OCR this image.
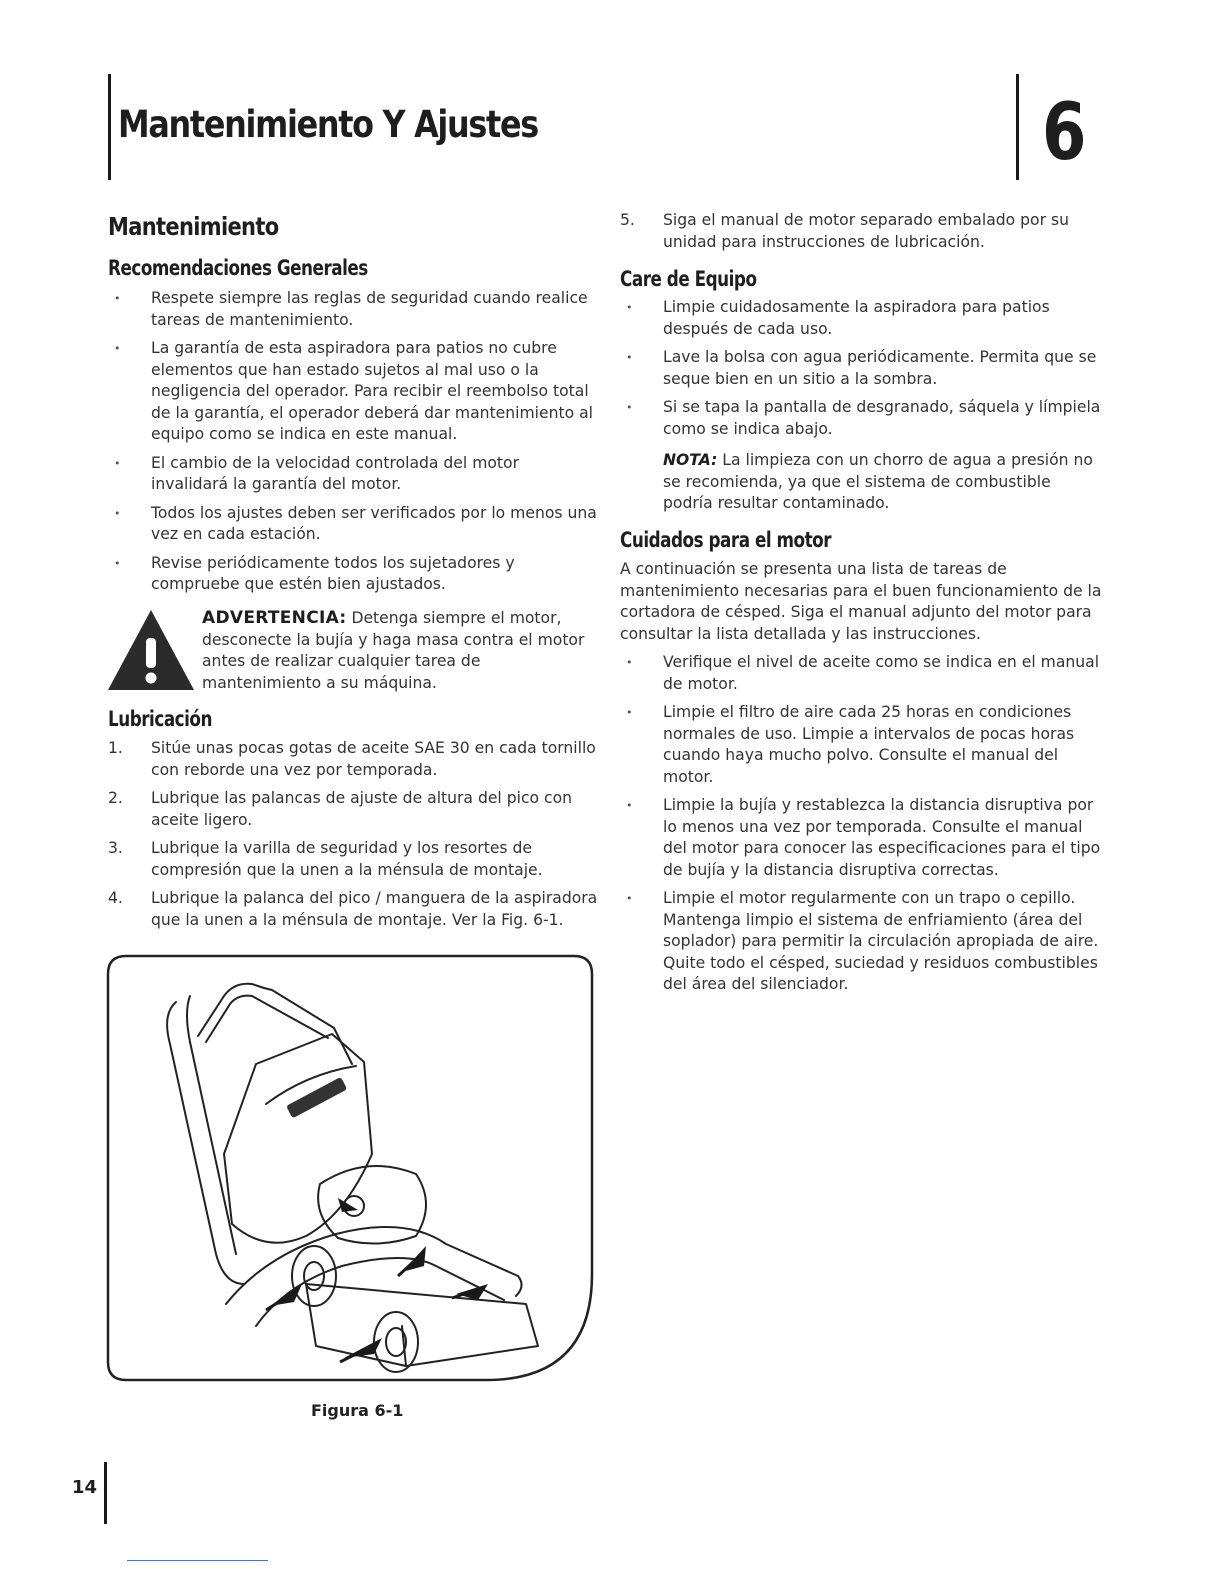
Mantenimiento Y Ajustes	6
Mantenimiento
Recomendaciones Generales
• Respete siempre las reglas de seguridad cuando realice tareas de mantenimiento.
• La garantía de esta aspiradora para patios no cubre elementos que han estado sujetos al mal uso o la negligencia del operador. Para recibir el reembolso total de la garantía, el operador deberá dar mantenimiento al equipo como se indica en este manual.
• El cambio de la velocidad controlada del motor invalidará la garantía del motor.
• Todos los ajustes deben ser verificados por lo menos una vez en cada estación.
• Revise periódicamente todos los sujetadores y compruebe que estén bien ajustados.
ADVERTENCIA: Detenga siempre el motor, desconecte la bujía y haga masa contra el motor antes de realizar cualquier tarea de mantenimiento a su máquina.
Lubricación
1. Sitúe unas pocas gotas de aceite SAE 30 en cada tornillo con reborde una vez por temporada.
2. Lubrique las palancas de ajuste de altura del pico con aceite ligero.
3. Lubrique la varilla de seguridad y los resortes de compresión que la unen a la ménsula de montaje.
4. Lubrique la palanca del pico / manguera de la aspiradora que la unen a la ménsula de montaje. Ver la Fig. 6-1.
Figura 6-1
5. Siga el manual de motor separado embalado por su unidad para instrucciones de lubricación.
Care de Equipo
• Limpie cuidadosamente la aspiradora para patios después de cada uso.
• Lave la bolsa con agua periódicamente. Permita que se seque bien en un sitio a la sombra.
• Si se tapa la pantalla de desgranado, sáquela y límpiela como se indica abajo.
NOTA: La limpieza con un chorro de agua a presión no se recomienda, ya que el sistema de combustible podría resultar contaminado.
Cuidados para el motor

A continuación se presenta una lista de tareas de mantenimiento necesarias para el buen funcionamiento de la cortadora de césped. Siga el manual adjunto del motor para consultar la lista detallada y las instrucciones.

• Verifique el nivel de aceite como se indica en el manual de motor.
• Limpie el filtro de aire cada 25 horas en condiciones normales de uso. Limpie a intervalos de pocas horas cuando haya mucho polvo. Consulte el manual del motor.
• Limpie la bujía y restablezca la distancia disruptiva por lo menos una vez por temporada. Consulte el manual del motor para conocer las especificaciones para el tipo de bujía y la distancia disruptiva correctas.
• Limpie el motor regularmente con un trapo o cepillo. Mantenga limpio el sistema de enfriamiento (área del soplador) para permitir la circulación apropiada de aire. Quite todo el césped, suciedad y residuos combustibles del área del silenciador.
14
